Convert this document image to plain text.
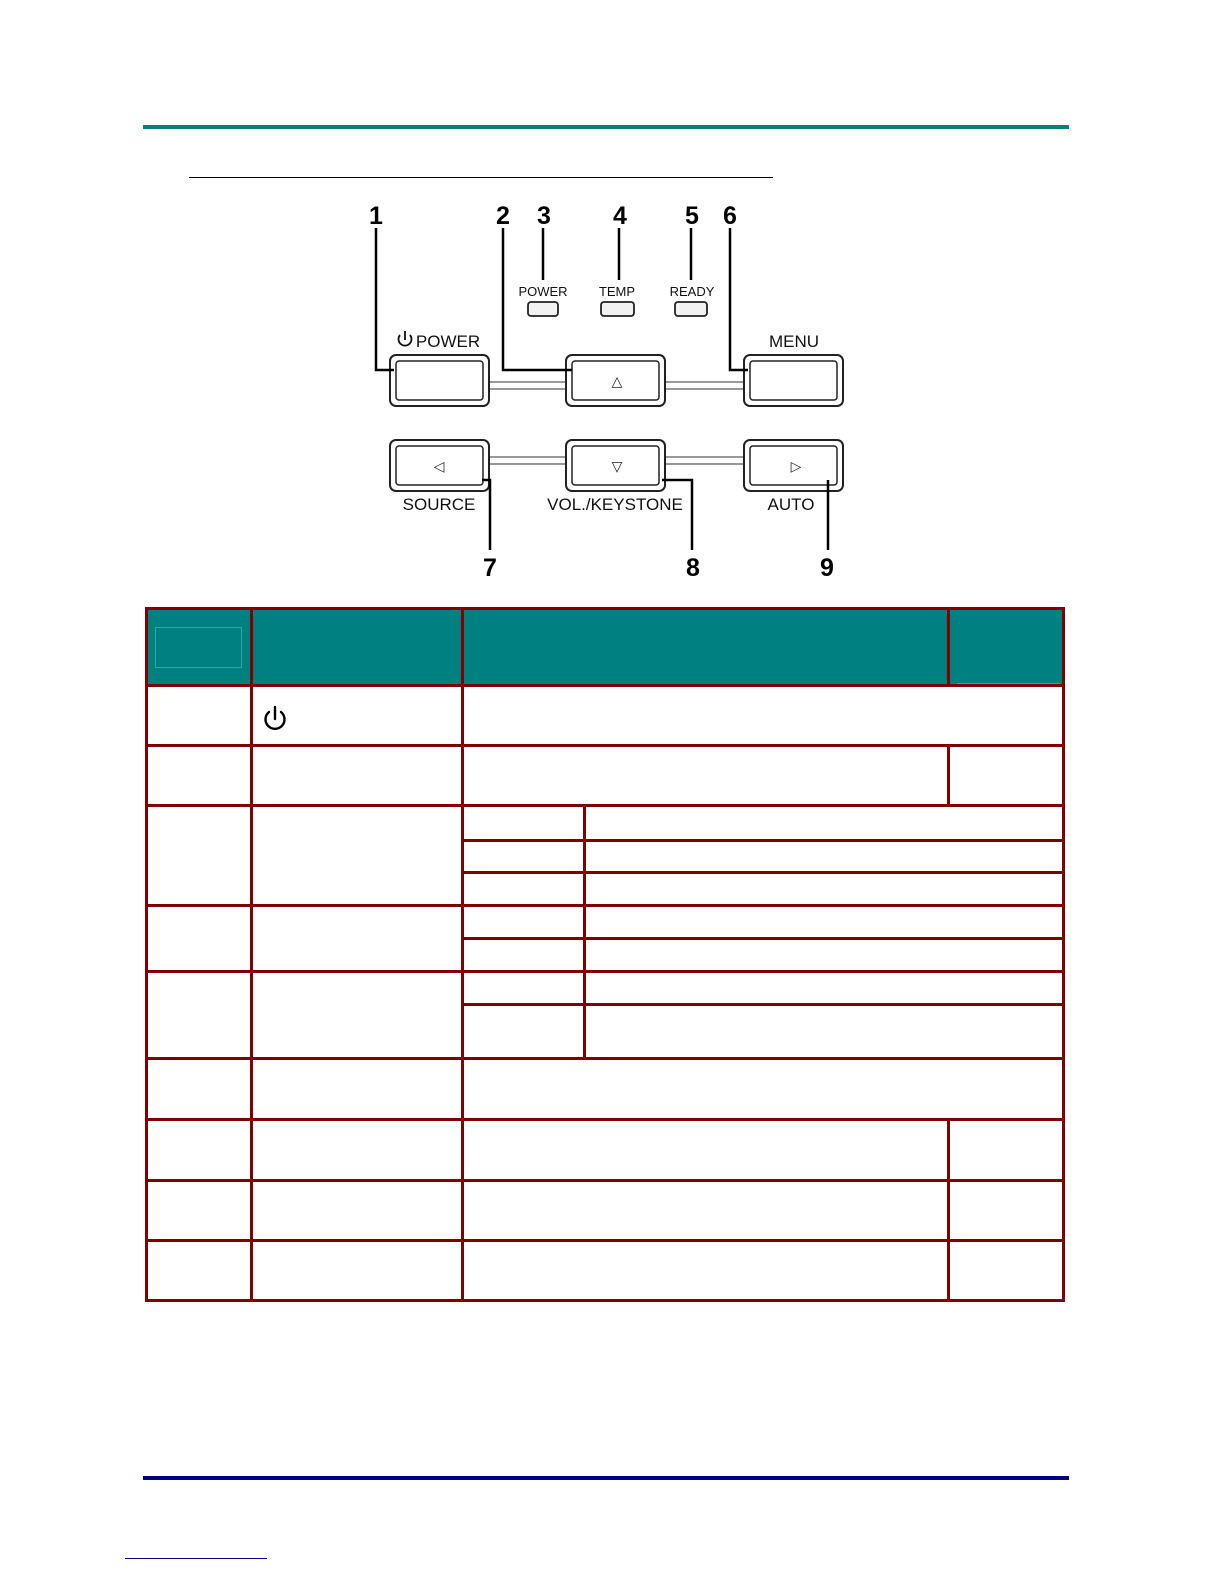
1	2 3 4 5 6
7	8	9
POWER TEMP	READY
POWER	MENU
SOURCE	VOL./KEYSTONE	AUTO
△
▽
◁	▷
